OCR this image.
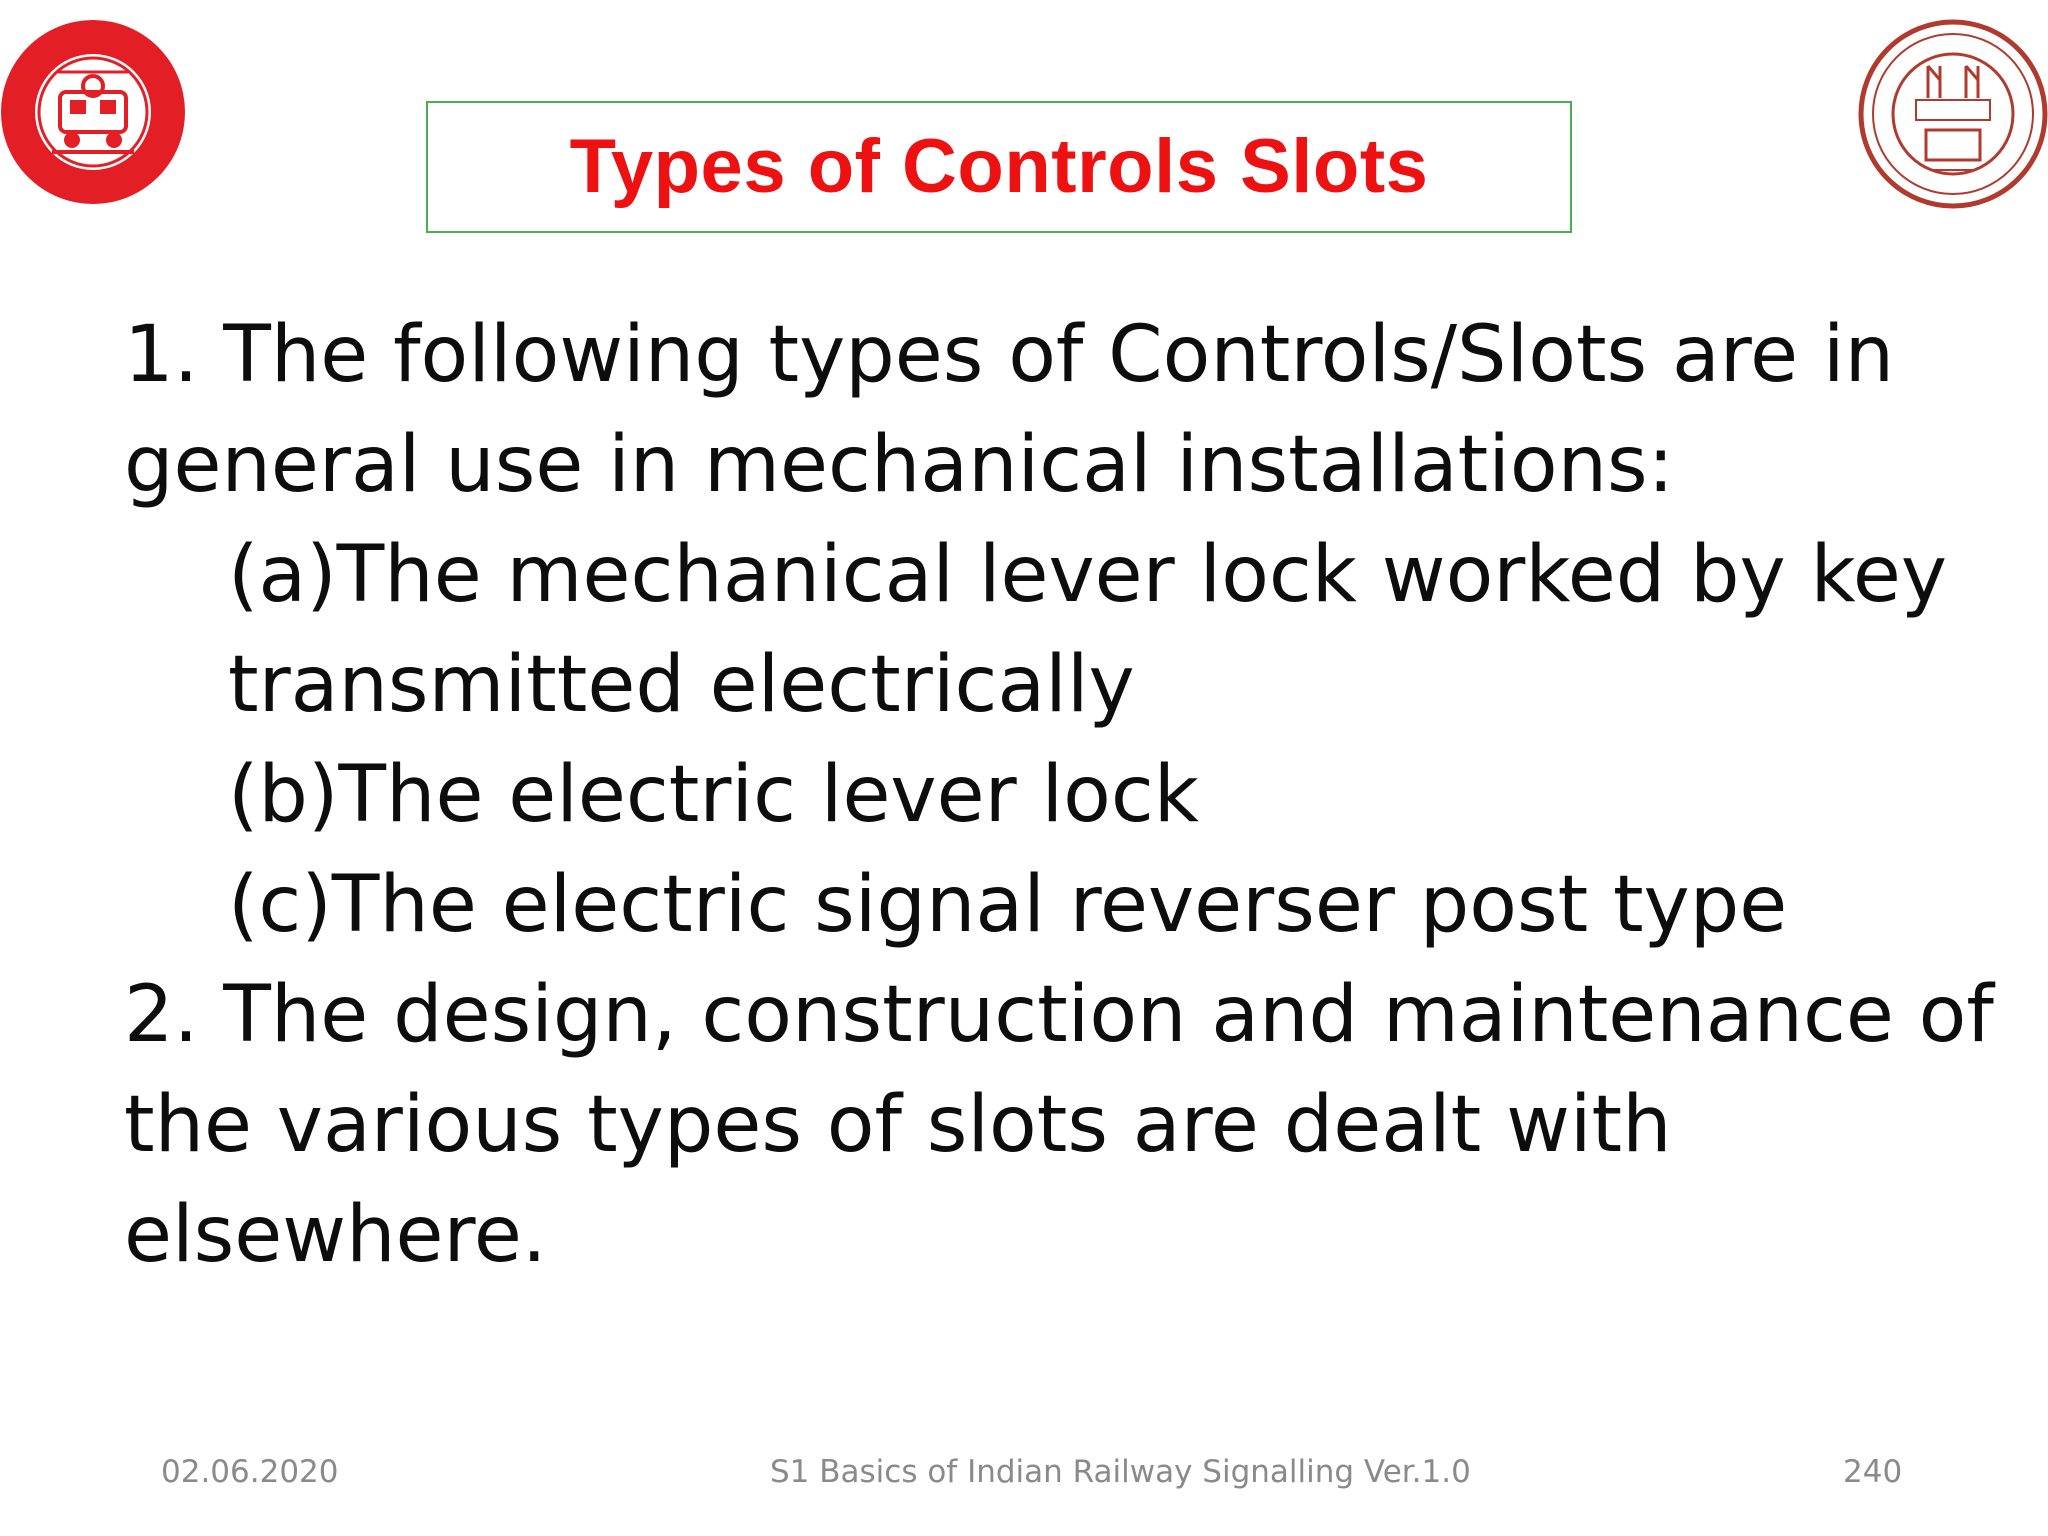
Types of Controls Slots
1. The following types of Controls/Slots are in
general use in mechanical installations:
(a)The mechanical lever lock worked by key
transmitted electrically
(b)The electric lever lock
(c)The electric signal reverser post type
2. The design, construction and maintenance of
the various types of slots are dealt with
elsewhere.
02.06.2020	S1 Basics of Indian Railway Signalling Ver.1.0	240
